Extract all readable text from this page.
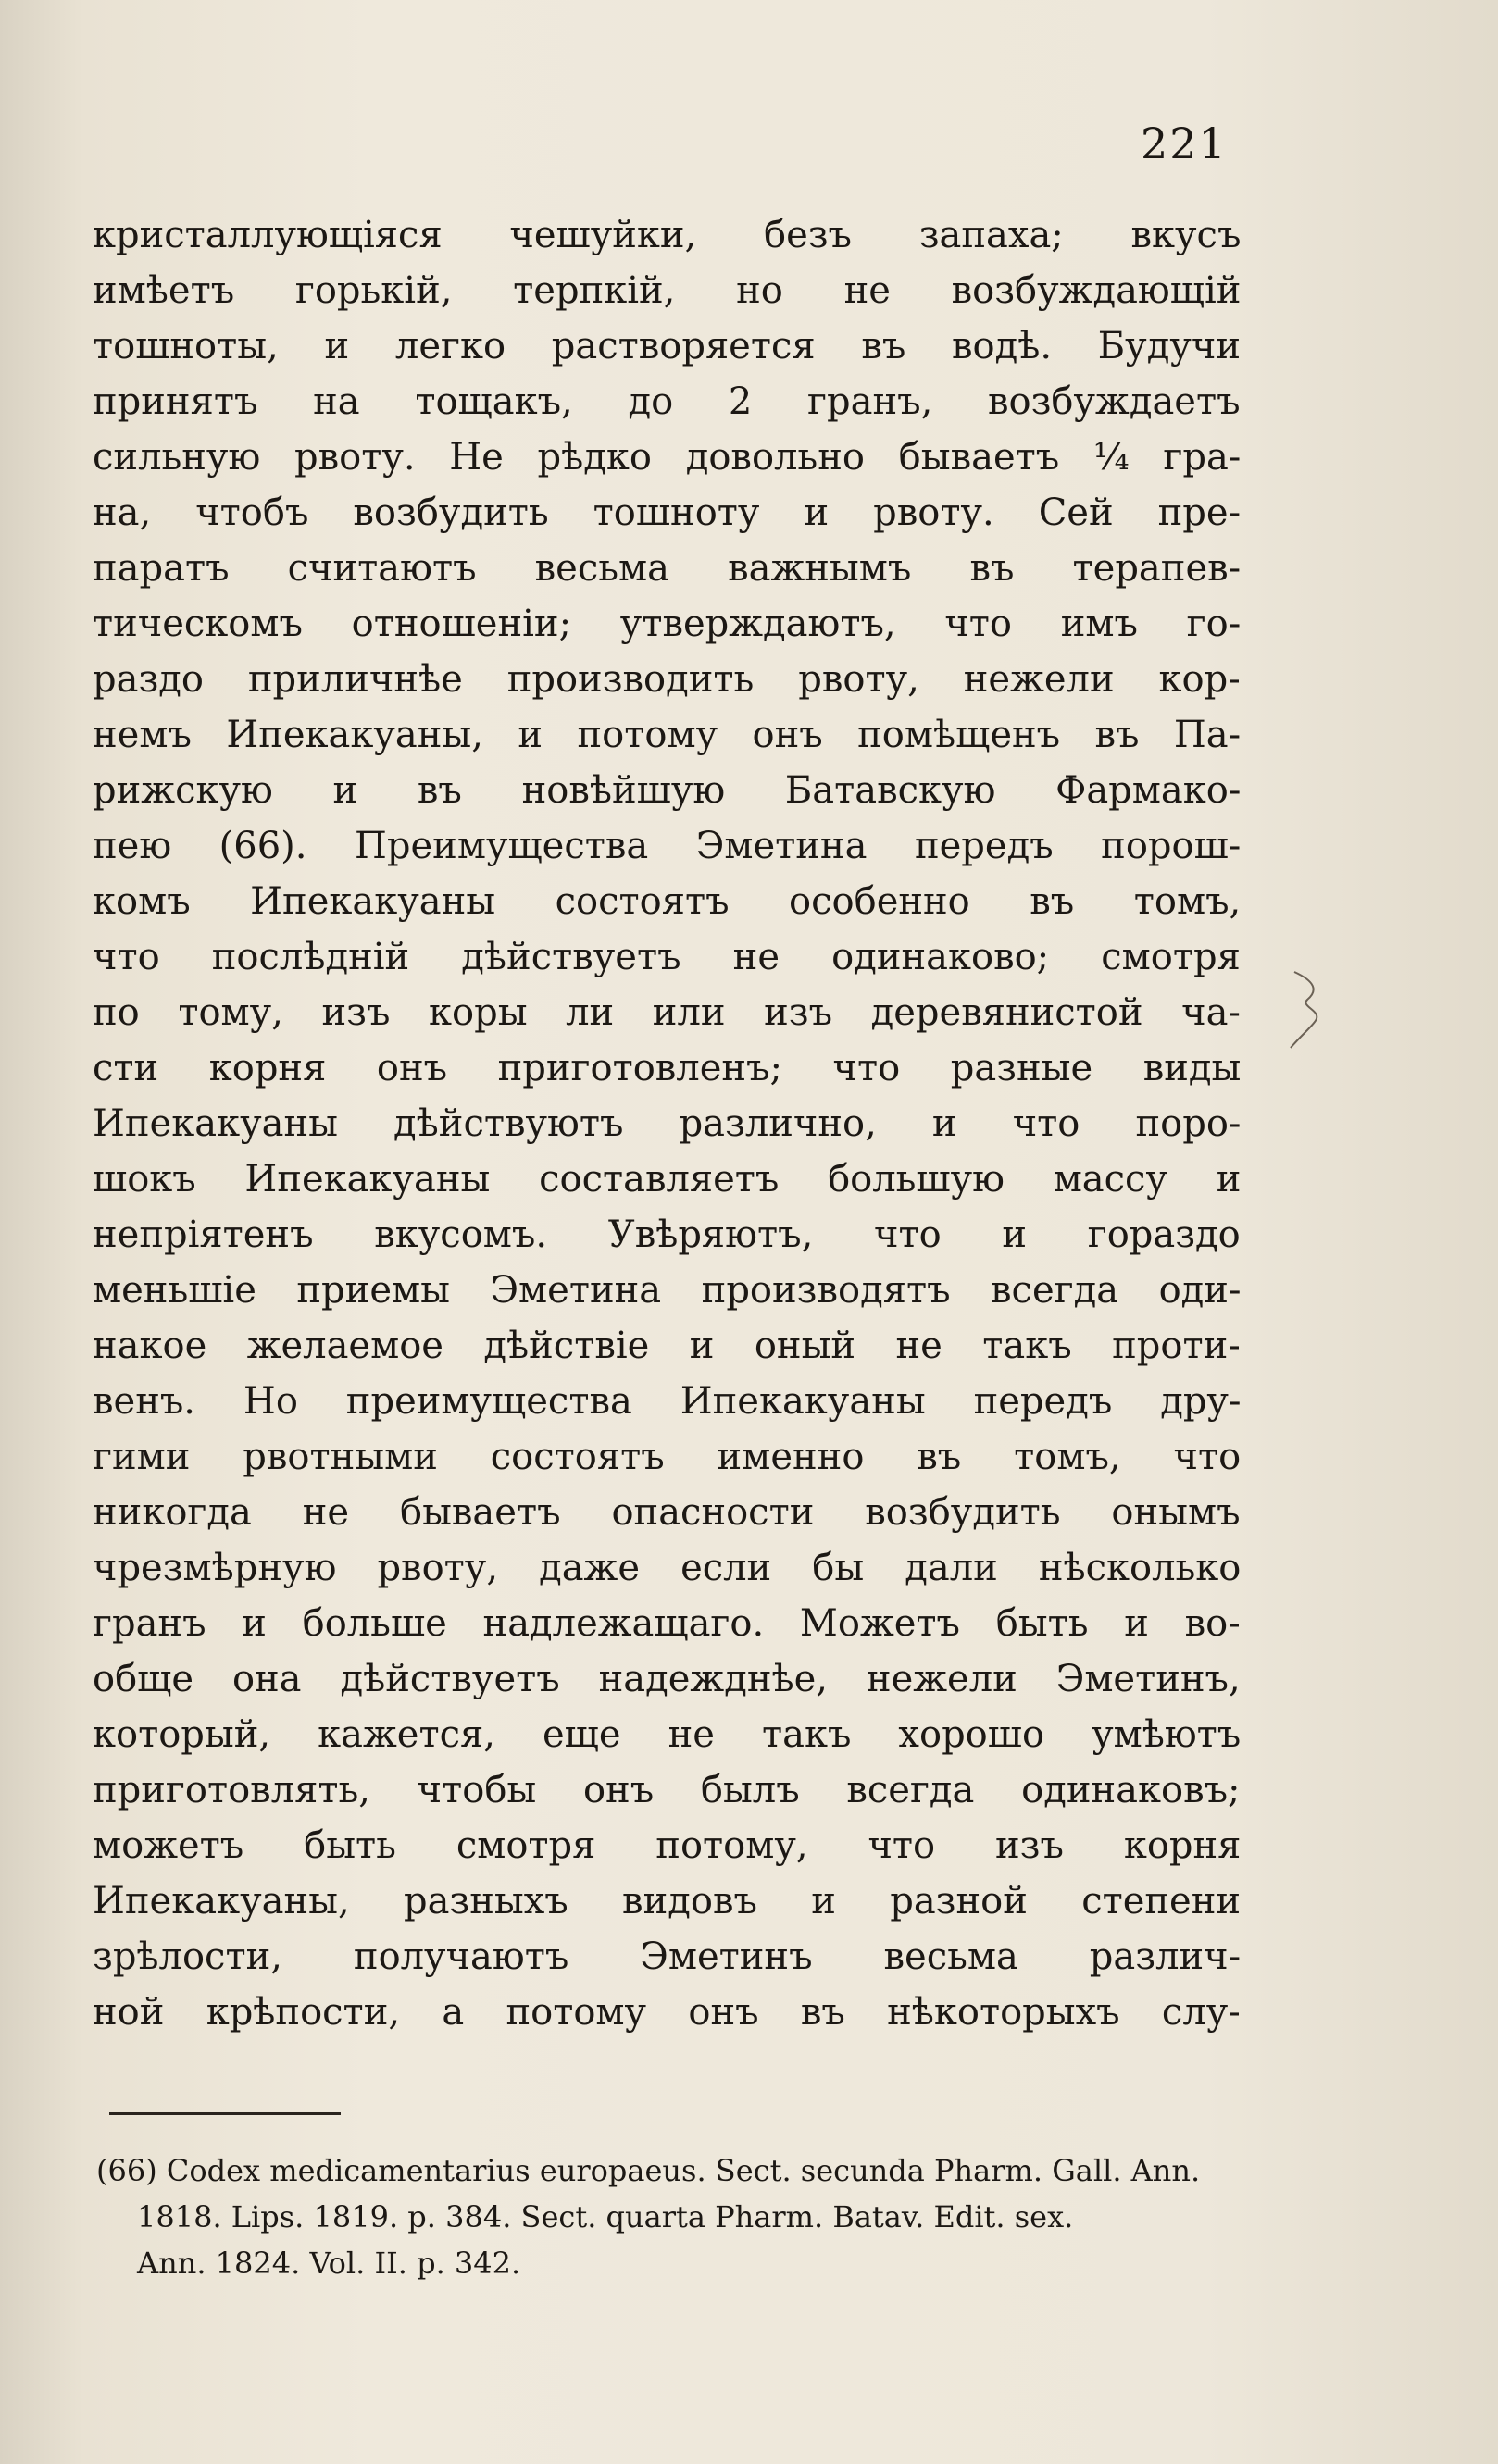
221
кристаллующіяся чешуйки, безъ запаха; вкусъ
имѣетъ горькій, терпкій, но не возбуждающій
тошноты, и легко растворяется въ водѣ. Будучи
принятъ на тощакъ, до 2 гранъ, возбуждаетъ
сильную рвоту. Не рѣдко довольно бываетъ ¼ гра-
на, чтобъ возбудить тошноту и рвоту. Сей пре-
паратъ считаютъ весьма важнымъ въ терапев-
тическомъ отношеніи; утверждаютъ, что имъ го-
раздо приличнѣе производить рвоту, нежели кор-
немъ Ипекакуаны, и потому онъ помѣщенъ въ Па-
рижскую и въ новѣйшую Батавскую Фармако-
пею (66). Преимущества Эметина передъ порош-
комъ Ипекакуаны состоятъ особенно въ томъ,
что послѣдній дѣйствуетъ не одинаково; смотря
по тому, изъ коры ли или изъ деревянистой ча-
сти корня онъ приготовленъ; что разные виды
Ипекакуаны дѣйствуютъ различно, и что поро-
шокъ Ипекакуаны составляетъ большую массу и
непріятенъ вкусомъ. Увѣряютъ, что и гораздо
меньшіе приемы Эметина производятъ всегда оди-
накое желаемое дѣйствіе и оный не такъ проти-
венъ. Но преимущества Ипекакуаны передъ дру-
гими рвотными состоятъ именно въ томъ, что
никогда не бываетъ опасности возбудить онымъ
чрезмѣрную рвоту, даже если бы дали нѣсколько
гранъ и больше надлежащаго. Можетъ быть и во-
обще она дѣйствуетъ надежднѣе, нежели Эметинъ,
который, кажется, еще не такъ хорошо умѣютъ
приготовлять, чтобы онъ былъ всегда одинаковъ;
можетъ быть смотря потому, что изъ корня
Ипекакуаны, разныхъ видовъ и разной степени
зрѣлости, получаютъ Эметинъ весьма различ-
ной крѣпости, а потому онъ въ нѣкоторыхъ слу-
(66) Codex medicamentarius europaeus. Sect. secunda Pharm. Gall. Ann.
1818. Lips. 1819. p. 384. Sect. quarta Pharm. Batav. Edit. sex.
Ann. 1824. Vol. II. p. 342.
